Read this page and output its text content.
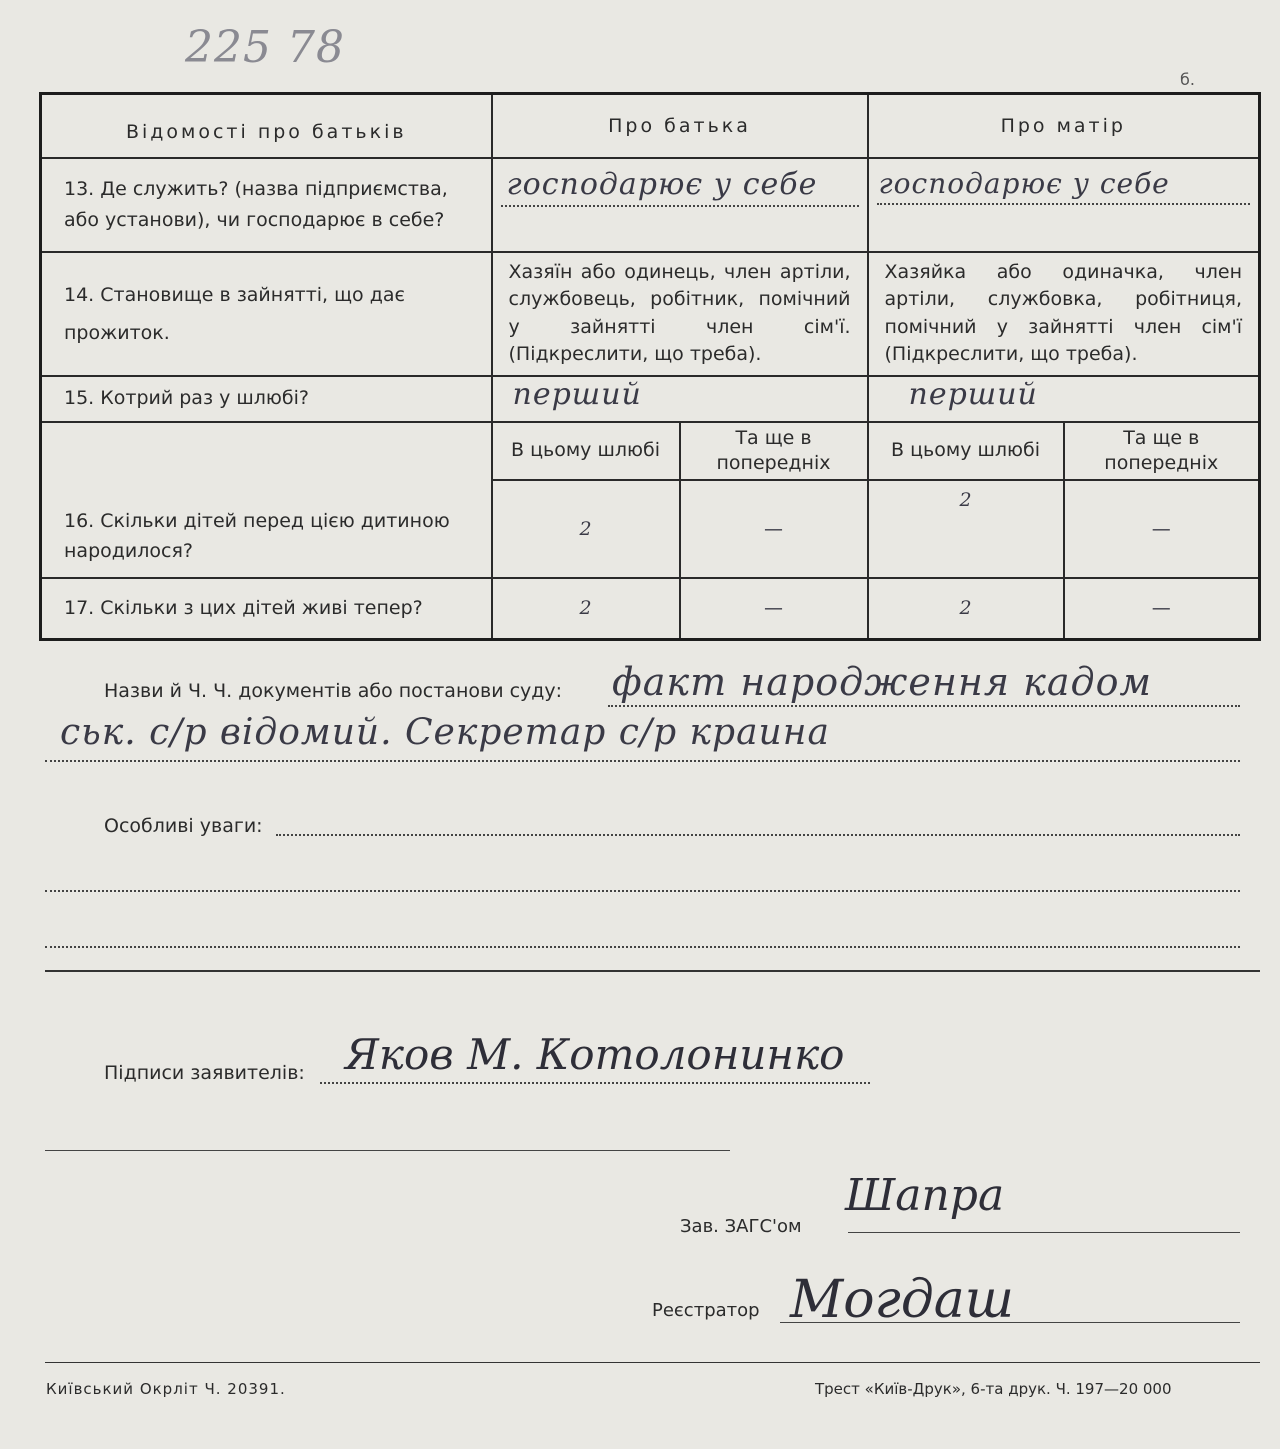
225 78
б.
Відомості про батьків	Про батька		Про матір	
13. Де служить? (назва підприємства, або установи), чи господарює в себе?	господарює у себе		господарює у себе	

14. Становище в зайнятті, що дає прожиток.	Хазяїн або одинець, член артіли, службовець, робітник, помічний у зайнятті член сім'ї. (Підкреслити, що треба).		Хазяйка або одиначка, член артіли, службовка, робітниця, помічний у зайнятті член сім'ї (Підкреслити, що треба).	
15. Котрий раз у шлюбі?	перший		перший	

16. Скільки дітей перед цією дитиною народилося?	В цьому шлюбі	Та ще в попередніх	В цьому шлюбі	Та ще в попередніх
	2	—	2	—
17. Скільки з цих дітей живі тепер?	2	—	2	—
Назви й Ч. Ч. документів або постанови суду: факт народження кадом
ськ. с/р відомий. Секретар с/р краина
Особливі уваги:
Підписи заявителів: Яков М. Котолонинко
Зав. ЗАГС'ом
Шапра
Реєстратор Могдаш
Київський Окрліт Ч. 20391.	Трест «Київ-Друк», 6-та друк. Ч. 197—20 000
